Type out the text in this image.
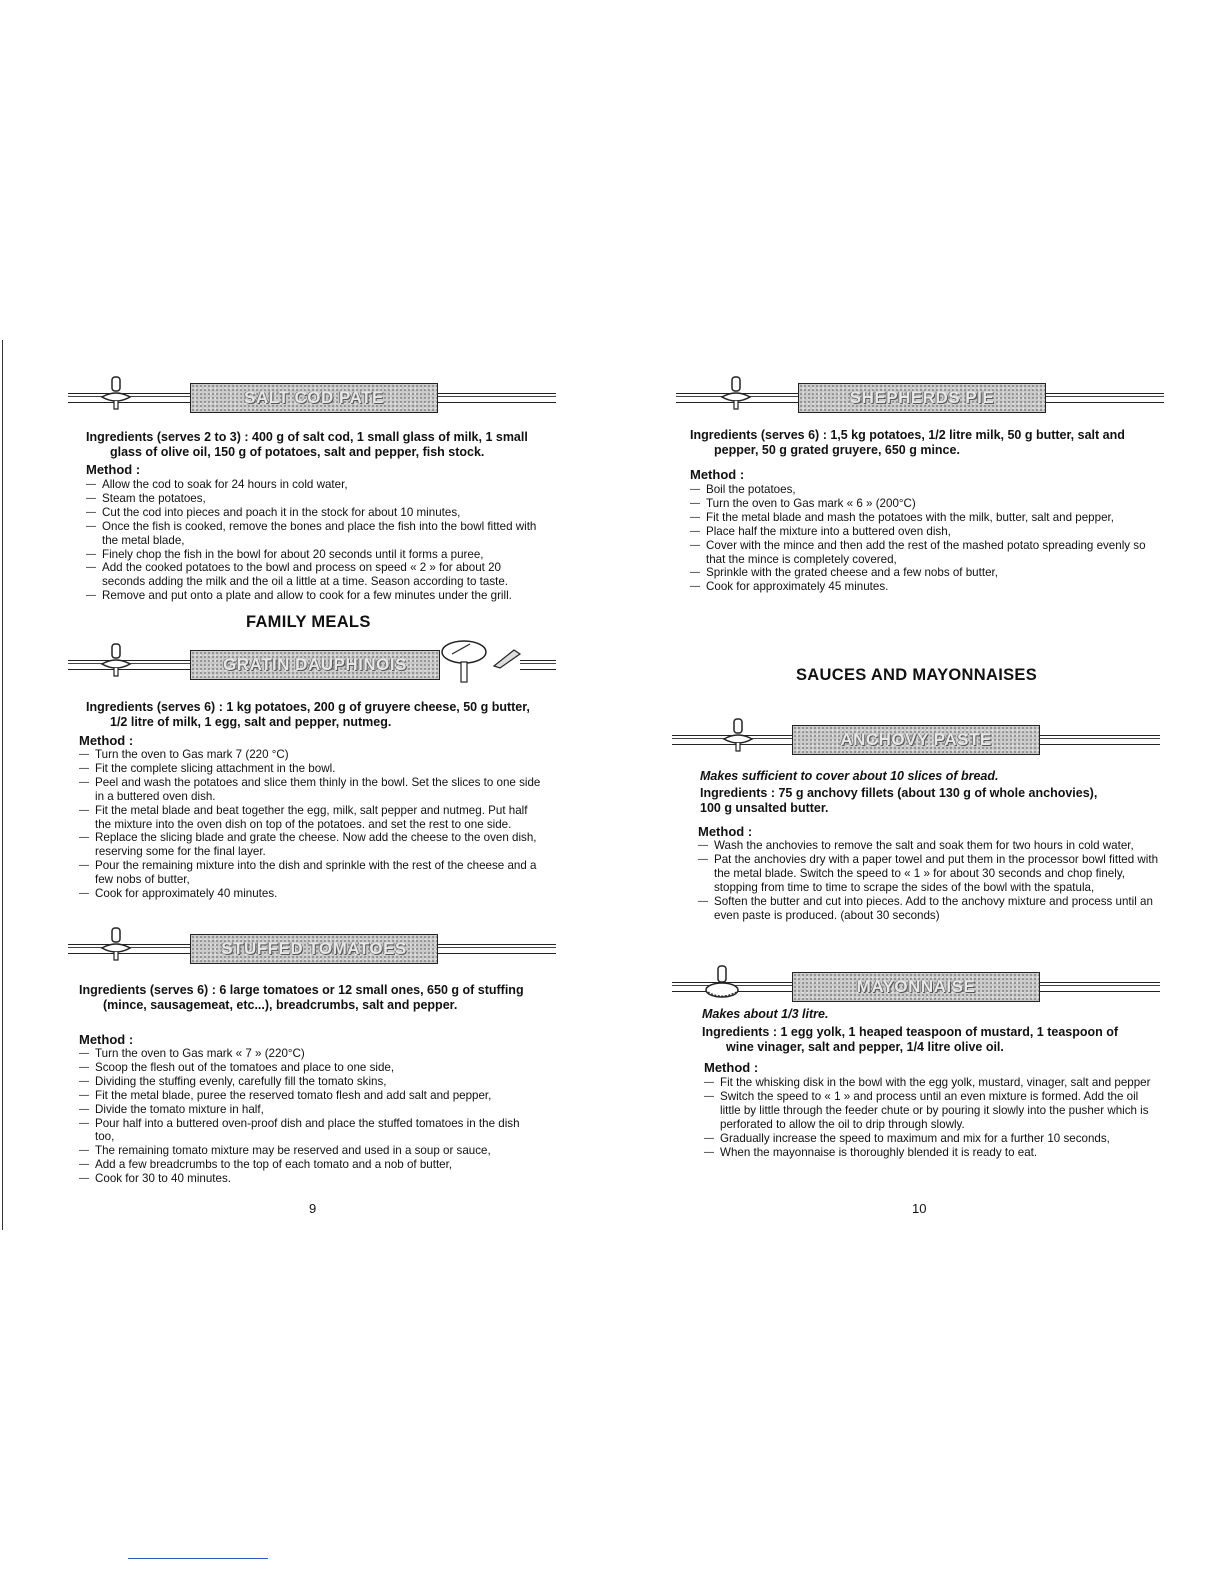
SALT COD PATE
Ingredients (serves 2 to 3) : 400 g of salt cod, 1 small glass of milk, 1 small
glass of olive oil, 150 g of potatoes, salt and pepper, fish stock.
Method :
— Allow the cod to soak for 24 hours in cold water,
— Steam the potatoes,
— Cut the cod into pieces and poach it in the stock for about 10 minutes,
— Once the fish is cooked, remove the bones and place the fish into the bowl fitted with the metal blade,
— Finely chop the fish in the bowl for about 20 seconds until it forms a puree,
— Add the cooked potatoes to the bowl and process on speed « 2 » for about 20 seconds adding the milk and the oil a little at a time. Season according to taste.
— Remove and put onto a plate and allow to cook for a few minutes under the grill.
FAMILY MEALS
GRATIN DAUPHINOIS
Ingredients (serves 6) : 1 kg potatoes, 200 g of gruyere cheese, 50 g butter,
1/2 litre of milk, 1 egg, salt and pepper, nutmeg.
Method :
— Turn the oven to Gas mark 7 (220 °C)
— Fit the complete slicing attachment in the bowl.
— Peel and wash the potatoes and slice them thinly in the bowl. Set the slices to one side in a buttered oven dish.
— Fit the metal blade and beat together the egg, milk, salt pepper and nutmeg. Put half the mixture into the oven dish on top of the potatoes. and set the rest to one side.
— Replace the slicing blade and grate the cheese. Now add the cheese to the oven dish, reserving some for the final layer.
— Pour the remaining mixture into the dish and sprinkle with the rest of the cheese and a few nobs of butter,
— Cook for approximately 40 minutes.
STUFFED TOMATOES
Ingredients (serves 6) : 6 large tomatoes or 12 small ones, 650 g of stuffing
(mince, sausagemeat, etc...), breadcrumbs, salt and pepper.
Method :
— Turn the oven to Gas mark « 7 » (220°C)
— Scoop the flesh out of the tomatoes and place to one side,
— Dividing the stuffing evenly, carefully fill the tomato skins,
— Fit the metal blade, puree the reserved tomato flesh and add salt and pepper,
— Divide the tomato mixture in half,
— Pour half into a buttered oven-proof dish and place the stuffed tomatoes in the dish too,
— The remaining tomato mixture may be reserved and used in a soup or sauce,
— Add a few breadcrumbs to the top of each tomato and a nob of butter,
— Cook for 30 to 40 minutes.
9
SHEPHERDS PIE
Ingredients (serves 6) : 1,5 kg potatoes, 1/2 litre milk, 50 g butter, salt and
pepper, 50 g grated gruyere, 650 g mince.
Method :
— Boil the potatoes,
— Turn the oven to Gas mark « 6 » (200°C)
— Fit the metal blade and mash the potatoes with the milk, butter, salt and pepper,
— Place half the mixture into a buttered oven dish,
— Cover with the mince and then add the rest of the mashed potato spreading evenly so that the mince is completely covered,
— Sprinkle with the grated cheese and a few nobs of butter,
— Cook for approximately 45 minutes.
SAUCES AND MAYONNAISES
ANCHOVY PASTE
Makes sufficient to cover about 10 slices of bread.
Ingredients : 75 g anchovy fillets (about 130 g of whole anchovies),
100 g unsalted butter.
Method :
— Wash the anchovies to remove the salt and soak them for two hours in cold water,
— Pat the anchovies dry with a paper towel and put them in the processor bowl fitted with the metal blade. Switch the speed to « 1 » for about 30 seconds and chop finely, stopping from time to time to scrape the sides of the bowl with the spatula,
— Soften the butter and cut into pieces. Add to the anchovy mixture and process until an even paste is produced. (about 30 seconds)
MAYONNAISE
Makes about 1/3 litre.
Ingredients : 1 egg yolk, 1 heaped teaspoon of mustard, 1 teaspoon of
wine vinager, salt and pepper, 1/4 litre olive oil.
Method :
— Fit the whisking disk in the bowl with the egg yolk, mustard, vinager, salt and pepper
— Switch the speed to « 1 » and process until an even mixture is formed. Add the oil little by little through the feeder chute or by pouring it slowly into the pusher which is perforated to allow the oil to drip through slowly.
— Gradually increase the speed to maximum and mix for a further 10 seconds,
— When the mayonnaise is thoroughly blended it is ready to eat.
10
